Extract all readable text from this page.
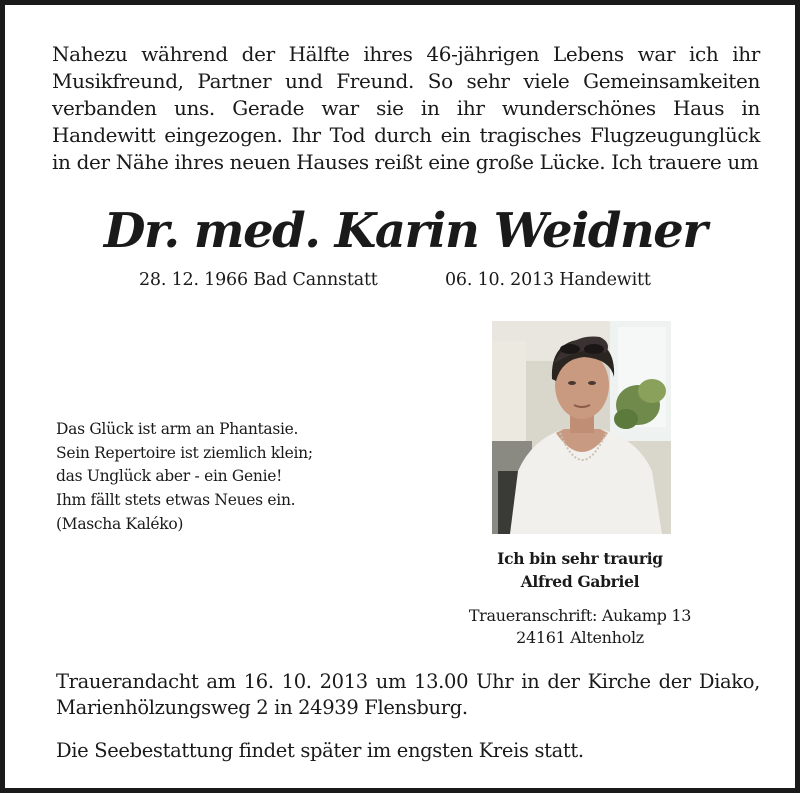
Nahezu während der Hälfte ihres 46-jährigen Lebens war ich ihr Musikfreund, Partner und Freund. So sehr viele Gemeinsamkeiten verbanden uns. Gerade war sie in ihr wunderschönes Haus in Handewitt eingezogen. Ihr Tod durch ein tragisches Flugzeugunglück in der Nähe ihres neuen Hauses reißt eine große Lücke. Ich trauere um

Dr. med. Karin Weidner

28. 12. 1966 Bad Cannstatt	06. 10. 2013 Handewitt

Das Glück ist arm an Phantasie.

Sein Repertoire ist ziemlich klein;

das Unglück aber - ein Genie!

Ihm fällt stets etwas Neues ein.

(Mascha Kaléko)

Ich bin sehr traurig

Alfred Gabriel

Traueranschrift: Aukamp 13

24161 Altenholz

Trauerandacht am 16. 10. 2013 um 13.00 Uhr in der Kirche der Diako, Marienhölzungsweg 2 in 24939 Flensburg.

Die Seebestattung findet später im engsten Kreis statt.
